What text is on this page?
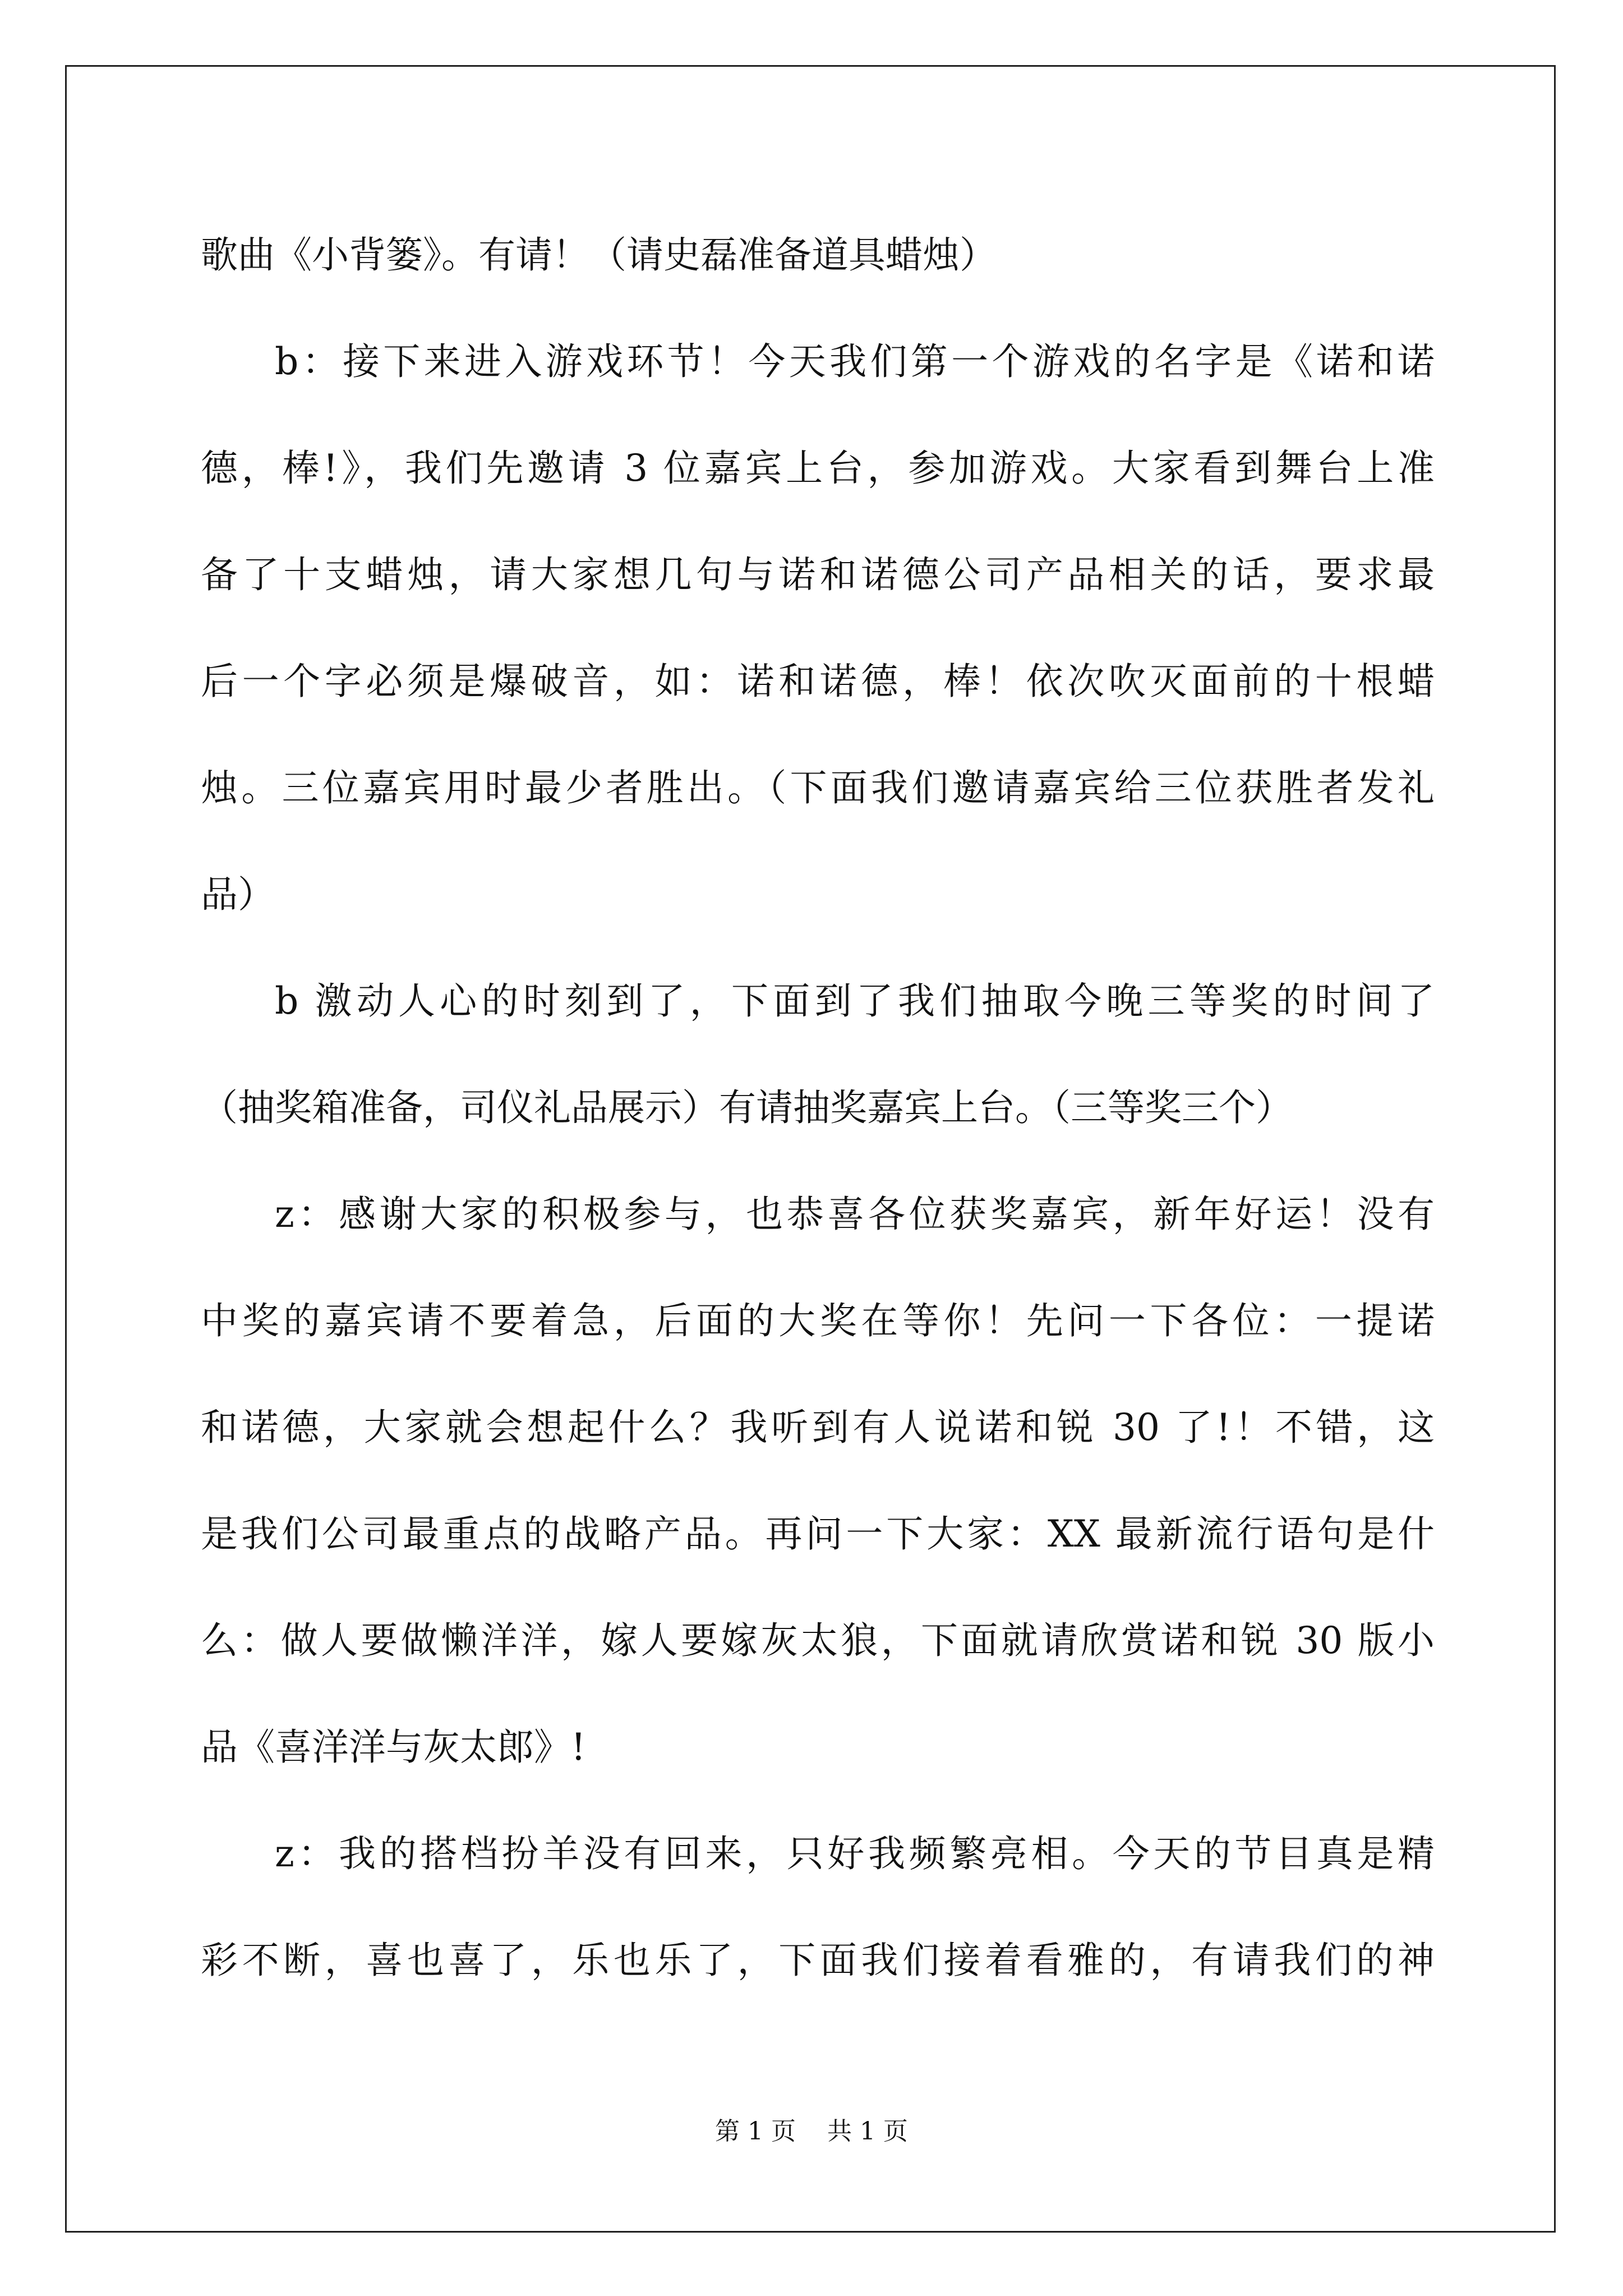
歌曲《小背篓》。有请！（请史磊准备道具蜡烛）
b：接下来进入游戏环节！今天我们第一个游戏的名字是《诺和诺
德，棒!》，我们先邀请 3 位嘉宾上台，参加游戏。大家看到舞台上准
备了十支蜡烛，请大家想几句与诺和诺德公司产品相关的话，要求最
后一个字必须是爆破音，如：诺和诺德，棒！依次吹灭面前的十根蜡
烛。三位嘉宾用时最少者胜出。（下面我们邀请嘉宾给三位获胜者发礼
品）
b 激动人心的时刻到了，下面到了我们抽取今晚三等奖的时间了
（抽奖箱准备，司仪礼品展示）有请抽奖嘉宾上台。（三等奖三个）
z：感谢大家的积极参与，也恭喜各位获奖嘉宾，新年好运！没有
中奖的嘉宾请不要着急，后面的大奖在等你！先问一下各位：一提诺
和诺德，大家就会想起什么？我听到有人说诺和锐 30 了!！不错，这
是我们公司最重点的战略产品。再问一下大家：XX 最新流行语句是什
么：做人要做懒洋洋，嫁人要嫁灰太狼，下面就请欣赏诺和锐 30 版小
品《喜洋洋与灰太郎》!
z：我的搭档扮羊没有回来，只好我频繁亮相。今天的节目真是精
彩不断，喜也喜了，乐也乐了，下面我们接着看雅的，有请我们的神
第 1 页 共 1 页
